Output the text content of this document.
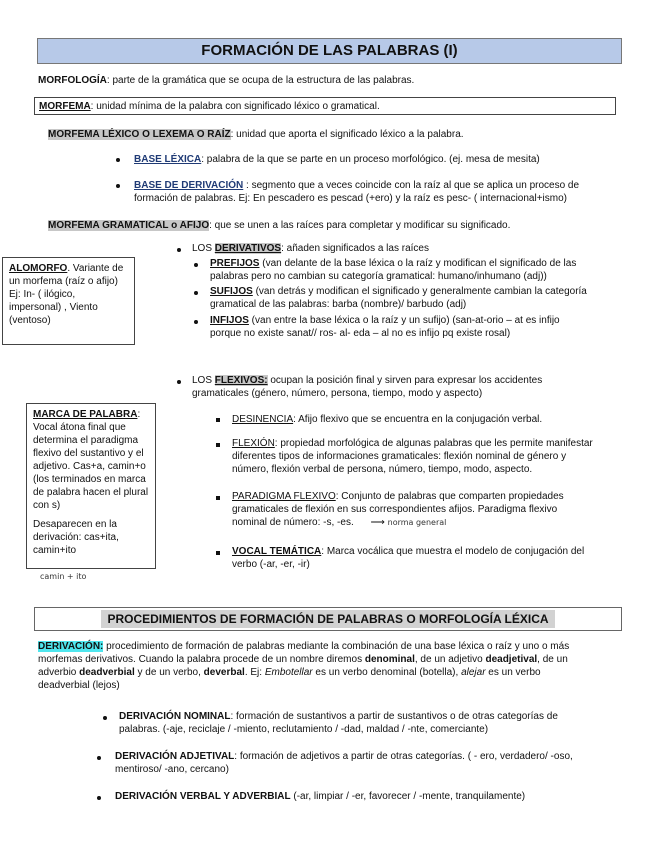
FORMACIÓN DE LAS PALABRAS (I)
MORFOLOGÍA: parte de la gramática que se ocupa de la estructura de las palabras.
MORFEMA: unidad mínima de la palabra con significado léxico o gramatical.
MORFEMA LÉXICO O LEXEMA O RAÍZ: unidad que aporta el significado léxico a la palabra.
BASE LÉXICA: palabra de la que se parte en un proceso morfológico. (ej. mesa de mesita)
BASE DE DERIVACIÓN : segmento que a veces coincide con la raíz al que se aplica un proceso de
formación de palabras. Ej: En pescadero es pescad (+ero) y la raíz es pesc- ( internacional+ismo)
MORFEMA GRAMATICAL o AFIJO: que se unen a las raíces para completar y modificar su significado.
ALOMORFO. Variante de
un morfema (raíz o afijo)
Ej: In- ( ilógico,
impersonal) , Viento
(ventoso)
LOS DERIVATIVOS: añaden significados a las raíces
PREFIJOS (van delante de la base léxica o la raíz y modifican el significado de las
palabras pero no cambian su categoría gramatical: humano/inhumano (adj))
SUFIJOS (van detrás y modifican el significado y generalmente cambian la categoría
gramatical de las palabras: barba (nombre)/ barbudo (adj)
INFIJOS (van entre la base léxica o la raíz y un sufijo) (san-at-orio – at es infijo
porque no existe sanat// ros- al- eda – al no es infijo pq existe rosal)
LOS FLEXIVOS: ocupan la posición final y sirven para expresar los accidentes
gramaticales (género, número, persona, tiempo, modo y aspecto)
MARCA DE PALABRA:
Vocal átona final que
determina el paradigma
flexivo del sustantivo y el
adjetivo. Cas+a, camin+o
(los terminados en marca
de palabra hacen el plural
con s)
Desaparecen en la
derivación: cas+ita,
camin+ito
camin + ito
DESINENCIA: Afijo flexivo que se encuentra en la conjugación verbal.
FLEXIÓN: propiedad morfológica de algunas palabras que les permite manifestar
diferentes tipos de informaciones gramaticales: flexión nominal de género y
número, flexión verbal de persona, número, tiempo, modo, aspecto.
PARADIGMA FLEXIVO: Conjunto de palabras que comparten propiedades
gramaticales de flexión en sus correspondientes afijos. Paradigma flexivo
nominal de número: -s, -es. ⟶ norma general
VOCAL TEMÁTICA: Marca vocálica que muestra el modelo de conjugación del
verbo (-ar, -er, -ir)
PROCEDIMIENTOS DE FORMACIÓN DE PALABRAS O MORFOLOGÍA LÉXICA
DERIVACIÓN: procedimiento de formación de palabras mediante la combinación de una base léxica o raíz y uno o más
morfemas derivativos. Cuando la palabra procede de un nombre diremos denominal, de un adjetivo deadjetival, de un
adverbio deadverbial y de un verbo, deverbal. Ej: Embotellar es un verbo denominal (botella), alejar es un verbo
deadverbial (lejos)
DERIVACIÓN NOMINAL: formación de sustantivos a partir de sustantivos o de otras categorías de
palabras. (-aje, reciclaje / -miento, reclutamiento / -dad, maldad / -nte, comerciante)
DERIVACIÓN ADJETIVAL: formación de adjetivos a partir de otras categorías. ( - ero, verdadero/ -oso,
mentiroso/ -ano, cercano)
DERIVACIÓN VERBAL Y ADVERBIAL (-ar, limpiar / -er, favorecer / -mente, tranquilamente)
